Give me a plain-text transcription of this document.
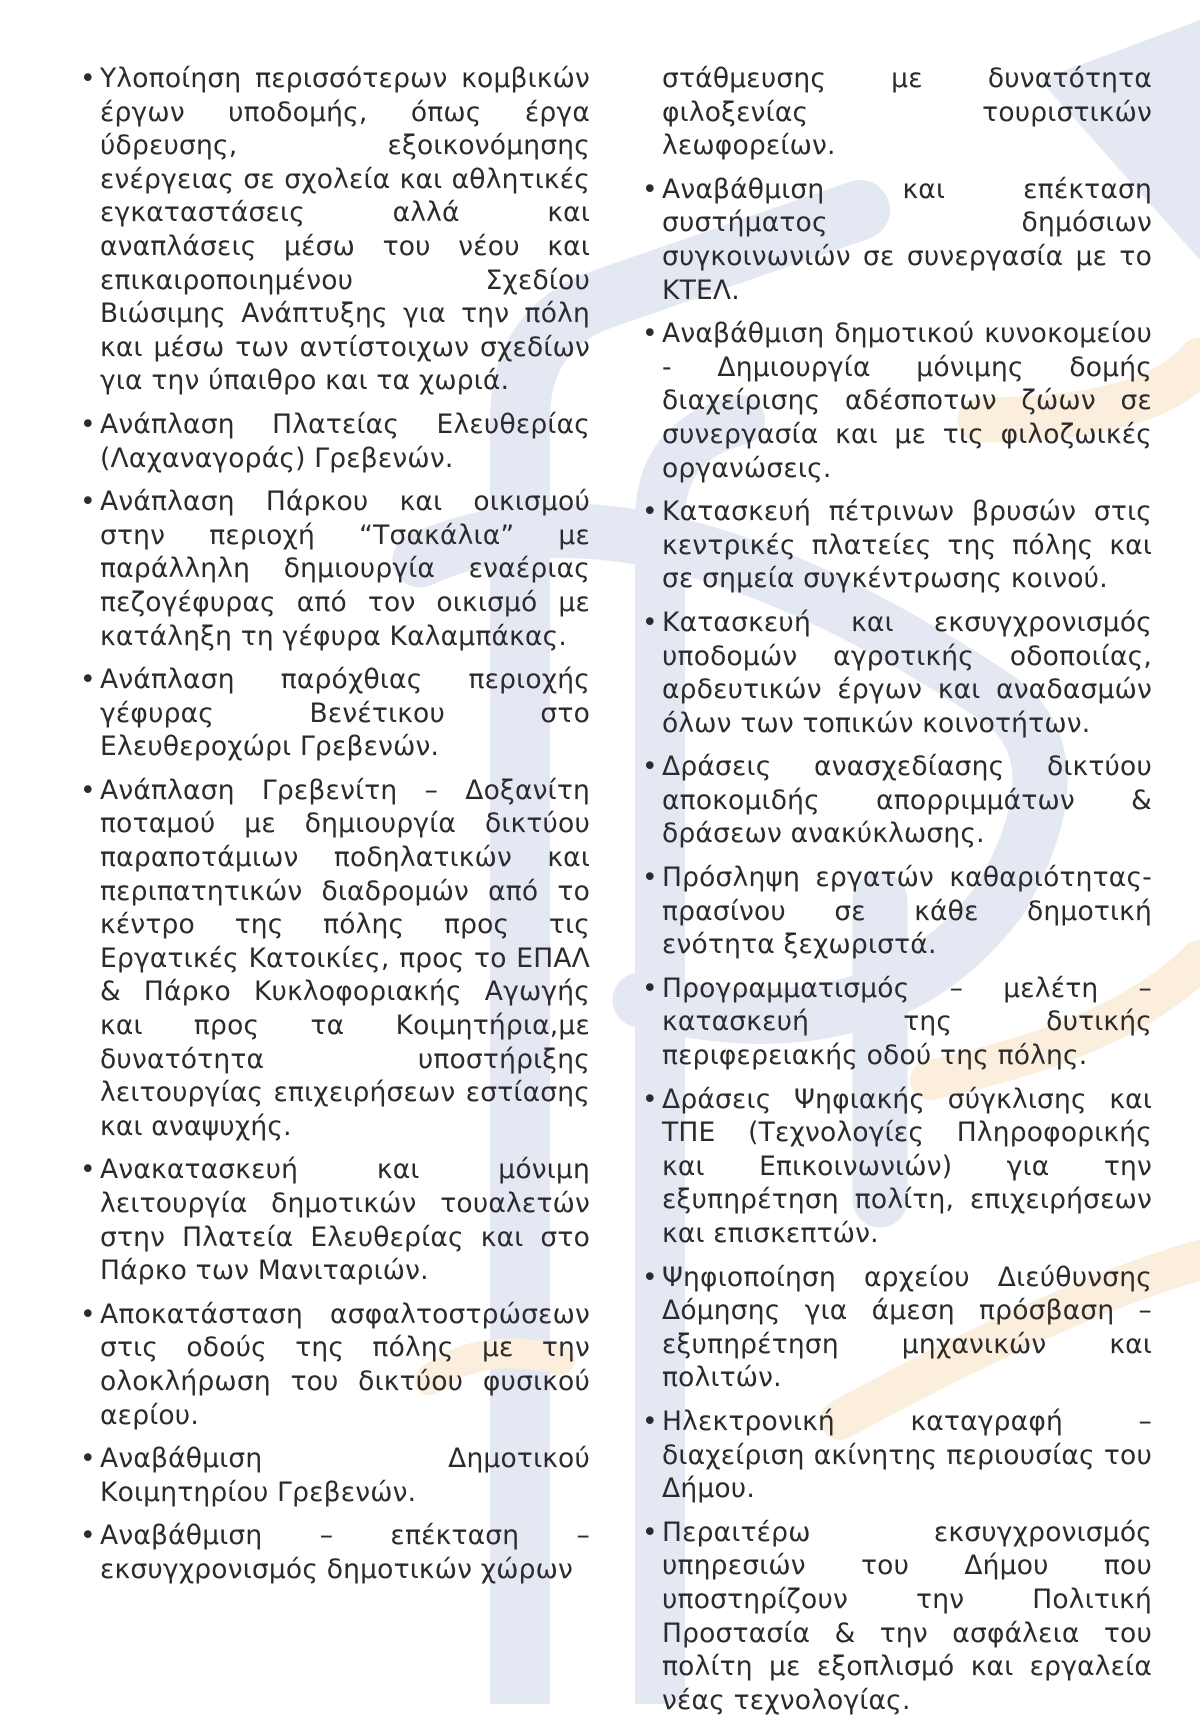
• Υλοποίηση περισσότερων κομβικών έργων υποδομής, όπως έργα ύδρευσης, εξοικονόμησης ενέργειας σε σχολεία και αθλητικές εγκαταστάσεις αλλά και αναπλάσεις μέσω του νέου και επικαιροποιημένου Σχεδίου Βιώσιμης Ανάπτυξης για την πόλη και μέσω των αντίστοιχων σχεδίων για την ύπαιθρο και τα χωριά.

• Ανάπλαση Πλατείας Ελευθερίας (Λαχαναγοράς) Γρεβενών.

• Ανάπλαση Πάρκου και οικισμού στην περιοχή “Τσακάλια” με παράλληλη δημιουργία εναέριας πεζογέφυρας από τον οικισμό με κατάληξη τη γέφυρα Καλαμπάκας.

• Ανάπλαση παρόχθιας περιοχής γέφυρας Βενέτικου στο Ελευθεροχώρι Γρεβενών.

• Ανάπλαση Γρεβενίτη – Δοξανίτη ποταμού με δημιουργία δικτύου παραποτάμιων ποδηλατικών και περιπατητικών διαδρομών από το κέντρο της πόλης προς τις Εργατικές Κατοικίες, προς το ΕΠΑΛ & Πάρκο Κυκλοφοριακής Αγωγής και προς τα Κοιμητήρια,με δυνατότητα υποστήριξης λειτουργίας επιχειρήσεων εστίασης και αναψυχής.

• Ανακατασκευή και μόνιμη λειτουργία δημοτικών τουαλετών στην Πλατεία Ελευθερίας και στο Πάρκο των Μανιταριών.

• Αποκατάσταση ασφαλτοστρώσεων στις οδούς της πόλης με την ολοκλήρωση του δικτύου φυσικού αερίου.

• Αναβάθμιση Δημοτικού Κοιμητηρίου Γρεβενών.

• Αναβάθμιση – επέκταση – εκσυγχρονισμός δημοτικών χώρων

στάθμευσης με δυνατότητα φιλοξενίας τουριστικών λεωφορείων.

• Αναβάθμιση και επέκταση συστήματος δημόσιων συγκοινωνιών σε συνεργασία με το ΚΤΕΛ.

• Αναβάθμιση δημοτικού κυνοκομείου - Δημιουργία μόνιμης δομής διαχείρισης αδέσποτων ζώων σε συνεργασία και με τις φιλοζωικές οργανώσεις.

• Κατασκευή πέτρινων βρυσών στις κεντρικές πλατείες της πόλης και σε σημεία συγκέντρωσης κοινού.

• Κατασκευή και εκσυγχρονισμός υποδομών αγροτικής οδοποιίας, αρδευτικών έργων και αναδασμών όλων των τοπικών κοινοτήτων.

• Δράσεις ανασχεδίασης δικτύου αποκομιδής απορριμμάτων & δράσεων ανακύκλωσης.

• Πρόσληψη εργατών καθαριότητας- πρασίνου σε κάθε δημοτική ενότητα ξεχωριστά.

• Προγραμματισμός – μελέτη – κατασκευή της δυτικής περιφερειακής οδού της πόλης.

• Δράσεις Ψηφιακής σύγκλισης και ΤΠΕ (Τεχνολογίες Πληροφορικής και Επικοινωνιών) για την εξυπηρέτηση πολίτη, επιχειρήσεων και επισκεπτών.

• Ψηφιοποίηση αρχείου Διεύθυνσης Δόμησης για άμεση πρόσβαση – εξυπηρέτηση μηχανικών και πολιτών.

• Ηλεκτρονική καταγραφή – διαχείριση ακίνητης περιουσίας του Δήμου.

• Περαιτέρω εκσυγχρονισμός υπηρεσιών του Δήμου που υποστηρίζουν την Πολιτική Προστασία & την ασφάλεια του πολίτη με εξοπλισμό και εργαλεία νέας τεχνολογίας.
